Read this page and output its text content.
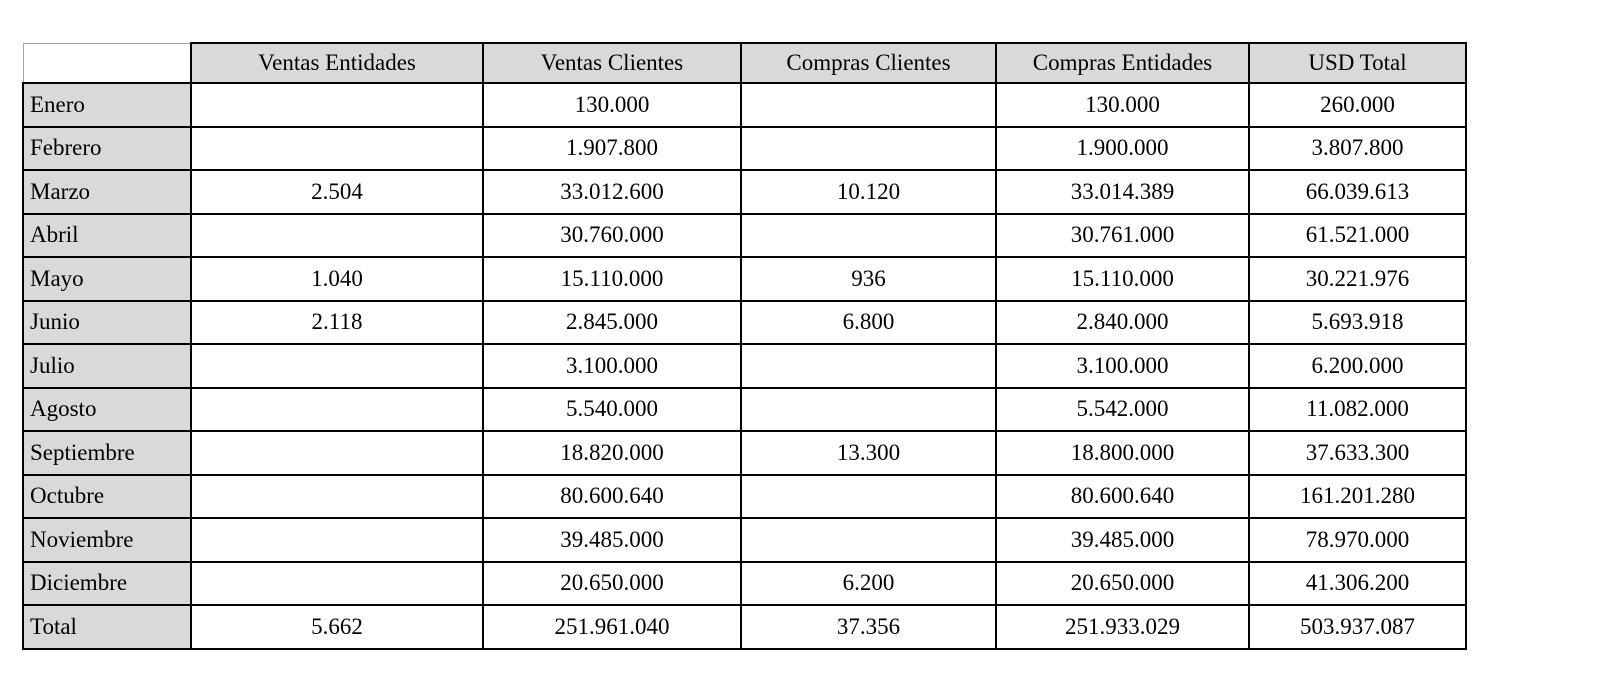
	Ventas Entidades	Ventas Clientes	Compras Clientes	Compras Entidades	USD Total
Enero		130.000		130.000	260.000
Febrero		1.907.800		1.900.000	3.807.800
Marzo	2.504	33.012.600	10.120	33.014.389	66.039.613
Abril		30.760.000		30.761.000	61.521.000
Mayo	1.040	15.110.000	936	15.110.000	30.221.976
Junio	2.118	2.845.000	6.800	2.840.000	5.693.918
Julio		3.100.000		3.100.000	6.200.000
Agosto		5.540.000		5.542.000	11.082.000
Septiembre		18.820.000	13.300	18.800.000	37.633.300
Octubre		80.600.640		80.600.640	161.201.280
Noviembre		39.485.000		39.485.000	78.970.000
Diciembre		20.650.000	6.200	20.650.000	41.306.200
Total	5.662	251.961.040	37.356	251.933.029	503.937.087
